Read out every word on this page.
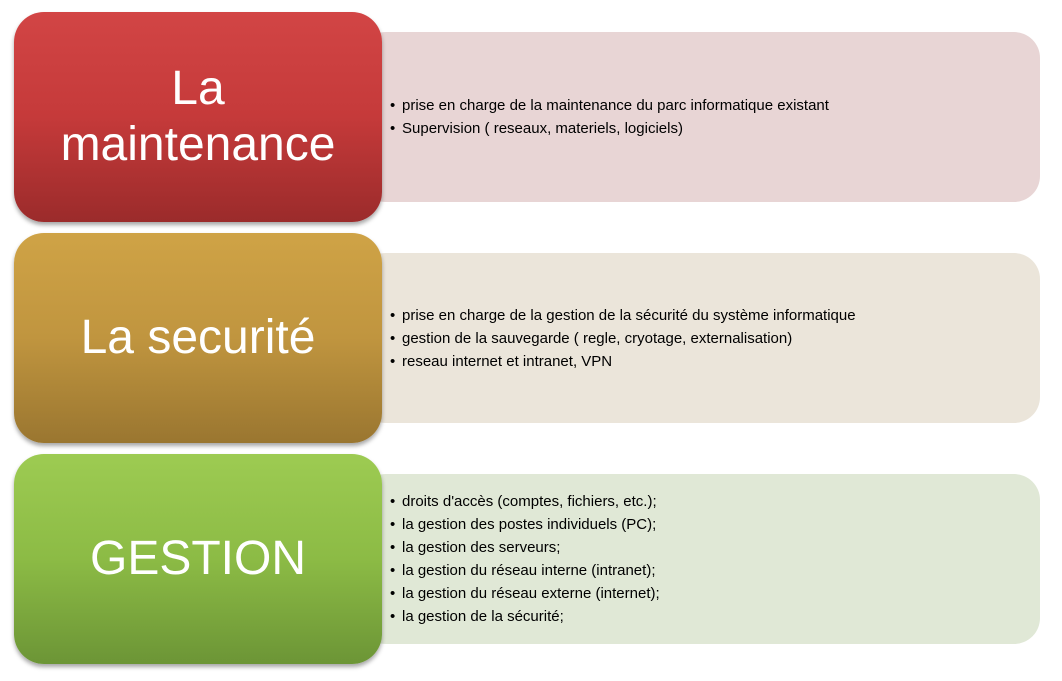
• prise en charge de la maintenance du parc informatique existant
• Supervision ( reseaux, materiels, logiciels)
La maintenance
• prise en charge de la gestion de la sécurité du système informatique
• gestion de la sauvegarde ( regle, cryotage, externalisation)
• reseau internet et intranet, VPN
La securité
• droits d'accès (comptes, fichiers, etc.);
• la gestion des postes individuels (PC);
• la gestion des serveurs;
• la gestion du réseau interne (intranet);
• la gestion du réseau externe (internet);
• la gestion de la sécurité;
GESTION
